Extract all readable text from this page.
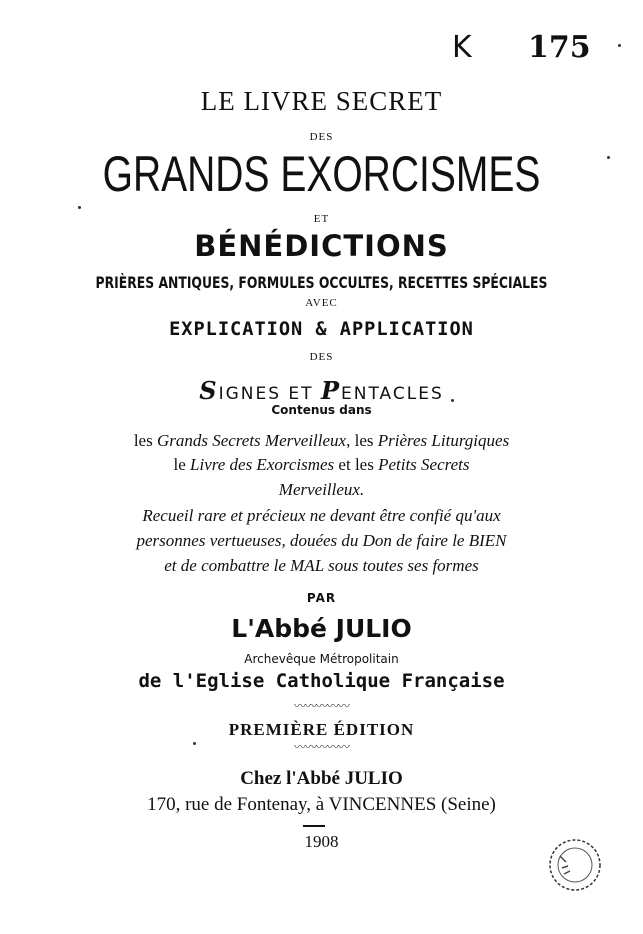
K 175
LE LIVRE SECRET
DES
GRANDS EXORCISMES
ET
BÉNÉDICTIONS
PRIÈRES ANTIQUES, FORMULES OCCULTES, RECETTES SPÉCIALES
AVEC
EXPLICATION & APPLICATION
DES
SIGNES ET PENTACLES
Contenus dans
les Grands Secrets Merveilleux, les Prières Liturgiques
le Livre des Exorcismes et les Petits Secrets
Merveilleux.
Recueil rare et précieux ne devant être confié qu'aux
personnes vertueuses, douées du Don de faire le BIEN
et de combattre le MAL sous toutes ses formes
PAR
L'Abbé JULIO
Archevêque Métropolitain
de l'Eglise Catholique Française
〰〰〰〰〰
PREMIÈRE ÉDITION
〰〰〰〰〰
Chez l'Abbé JULIO
170, rue de Fontenay, à VINCENNES (Seine)
1908
